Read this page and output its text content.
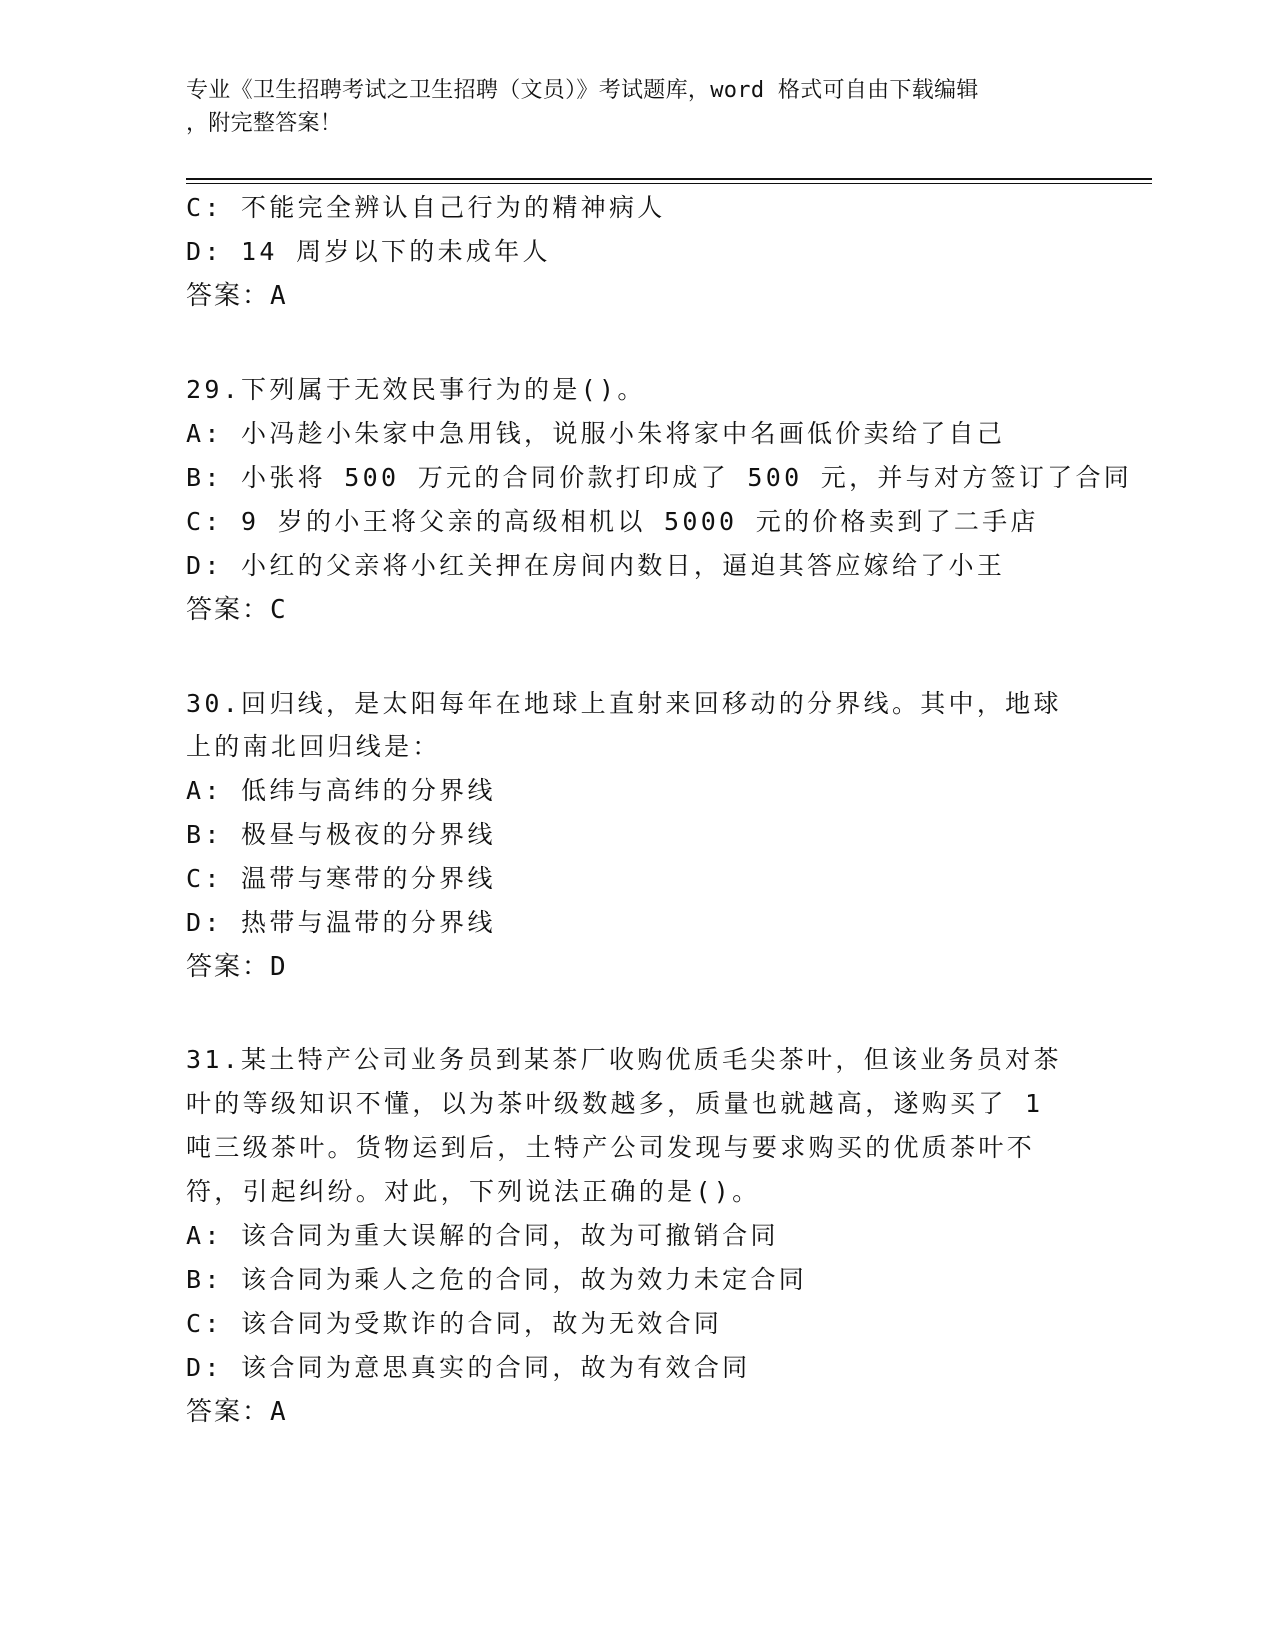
专业《卫生招聘考试之卫生招聘（文员）》考试题库，word 格式可自由下载编辑
，附完整答案！

C: 不能完全辨认自己行为的精神病人

D: 14 周岁以下的未成年人

答案：A

29.下列属于无效民事行为的是()。

A: 小冯趁小朱家中急用钱，说服小朱将家中名画低价卖给了自己

B: 小张将 500 万元的合同价款打印成了 500 元，并与对方签订了合同

C: 9 岁的小王将父亲的高级相机以 5000 元的价格卖到了二手店

D: 小红的父亲将小红关押在房间内数日，逼迫其答应嫁给了小王

答案：C

30.回归线，是太阳每年在地球上直射来回移动的分界线。其中，地球

上的南北回归线是：

A: 低纬与高纬的分界线

B: 极昼与极夜的分界线

C: 温带与寒带的分界线

D: 热带与温带的分界线

答案：D

31.某土特产公司业务员到某茶厂收购优质毛尖茶叶，但该业务员对茶

叶的等级知识不懂，以为茶叶级数越多，质量也就越高，遂购买了 1

吨三级茶叶。货物运到后，土特产公司发现与要求购买的优质茶叶不

符，引起纠纷。对此，下列说法正确的是()。

A: 该合同为重大误解的合同，故为可撤销合同

B: 该合同为乘人之危的合同，故为效力未定合同

C: 该合同为受欺诈的合同，故为无效合同

D: 该合同为意思真实的合同，故为有效合同

答案：A
